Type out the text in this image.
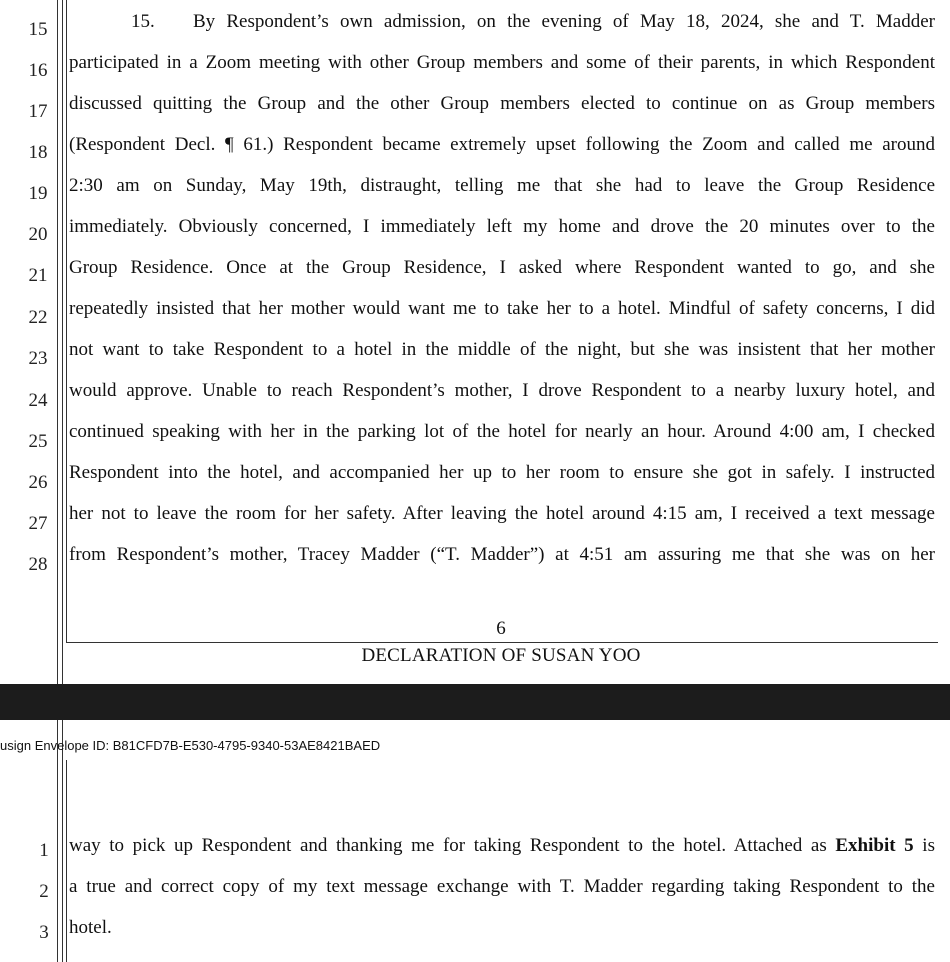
15
16
17
18
19
20
21
22
23
24
25
26
27
28
15. By Respondent’s own admission, on the evening of May 18, 2024, she and T. Madder
participated in a Zoom meeting with other Group members and some of their parents, in which Respondent
discussed quitting the Group and the other Group members elected to continue on as Group members
(Respondent Decl. ¶ 61.) Respondent became extremely upset following the Zoom and called me around
2:30 am on Sunday, May 19th, distraught, telling me that she had to leave the Group Residence
immediately. Obviously concerned, I immediately left my home and drove the 20 minutes over to the
Group Residence. Once at the Group Residence, I asked where Respondent wanted to go, and she
repeatedly insisted that her mother would want me to take her to a hotel. Mindful of safety concerns, I did
not want to take Respondent to a hotel in the middle of the night, but she was insistent that her mother
would approve. Unable to reach Respondent’s mother, I drove Respondent to a nearby luxury hotel, and
continued speaking with her in the parking lot of the hotel for nearly an hour. Around 4:00 am, I checked
Respondent into the hotel, and accompanied her up to her room to ensure she got in safely. I instructed
her not to leave the room for her safety. After leaving the hotel around 4:15 am, I received a text message
from Respondent’s mother, Tracey Madder (“T. Madder”) at 4:51 am assuring me that she was on her
6
DECLARATION OF SUSAN YOO
usign Envelope ID: B81CFD7B-E530-4795-9340-53AE8421BAED
1
2
3
way to pick up Respondent and thanking me for taking Respondent to the hotel. Attached as Exhibit 5 is
a true and correct copy of my text message exchange with T. Madder regarding taking Respondent to the
hotel.
